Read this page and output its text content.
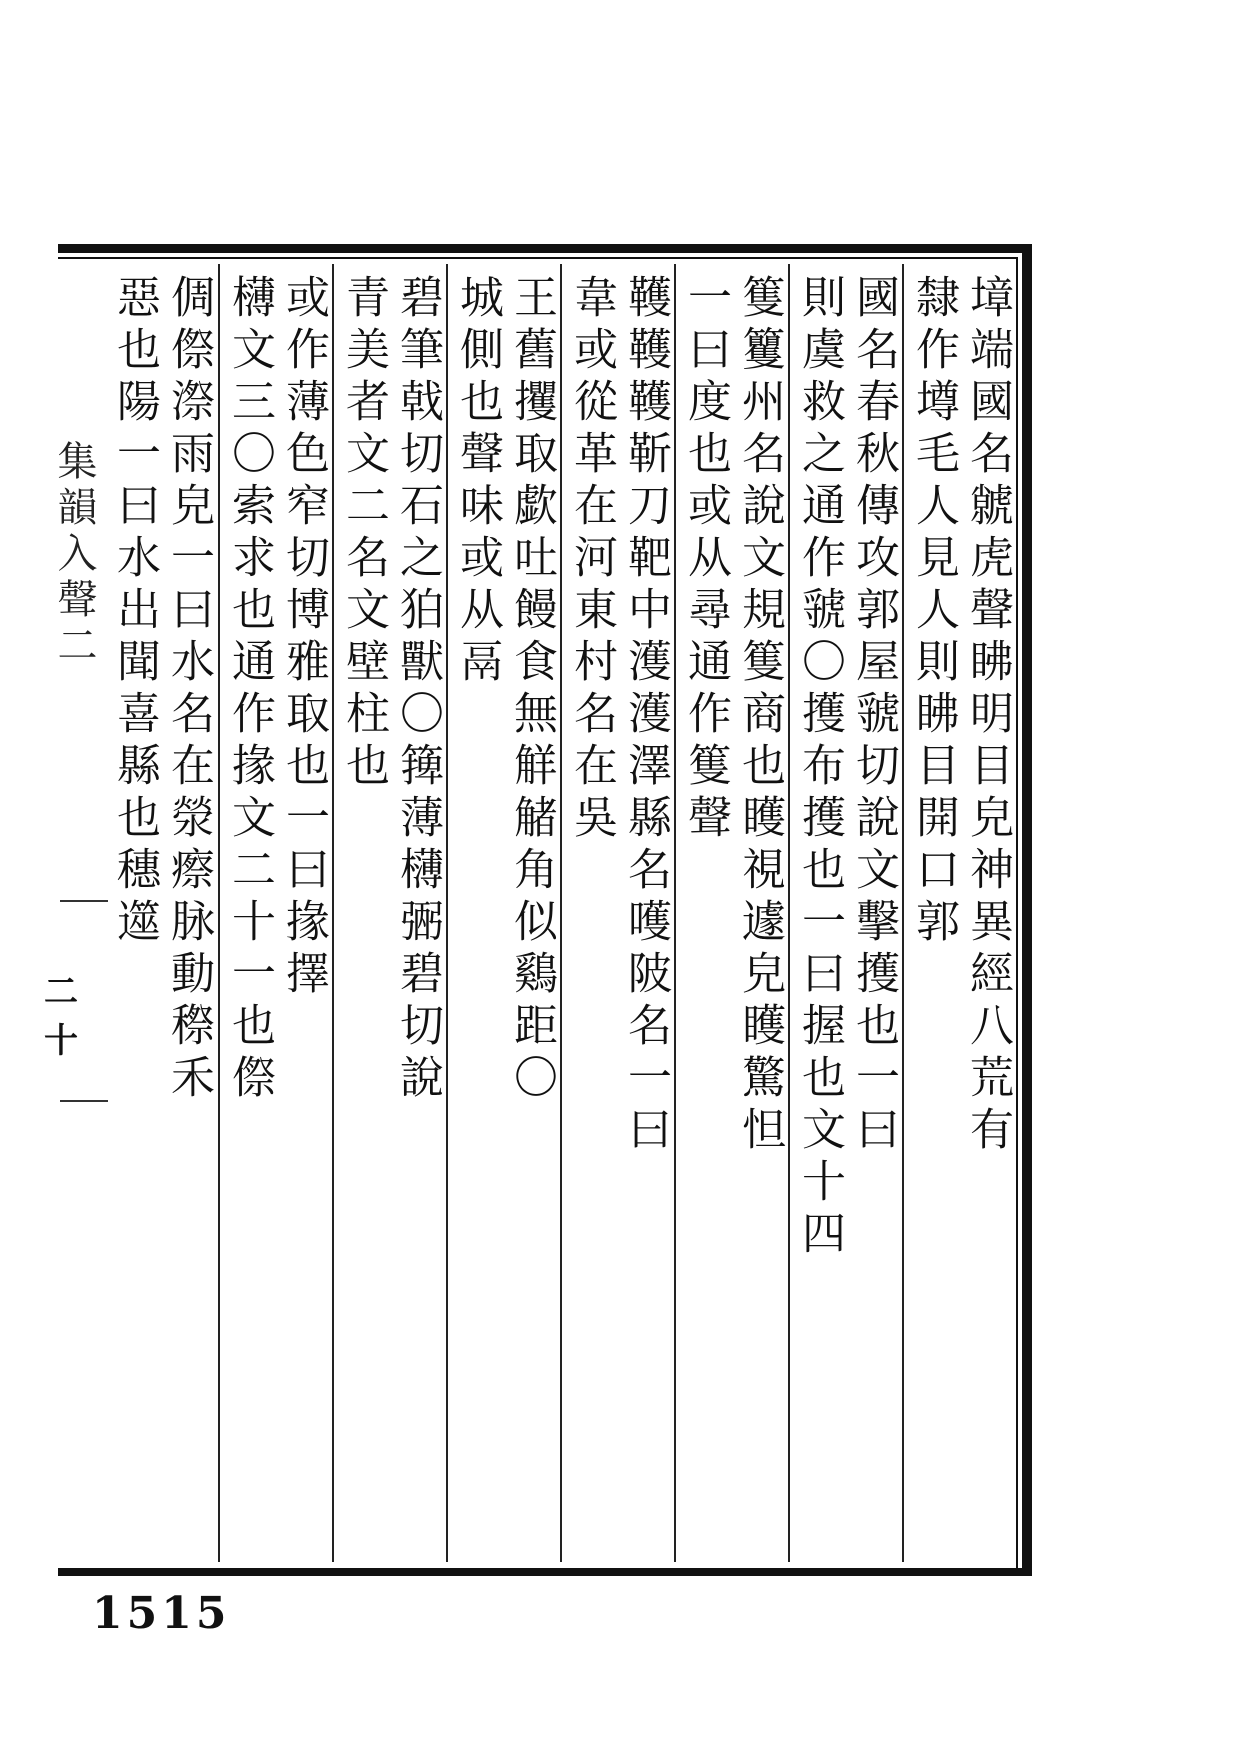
墇端國名虩虎聲䀟明目皃神異經八荒有
隸作墫毛人見人則䀟目開口郭
國名春秋傳攻郭屋虢切說文擊擭也一曰
則虞救之通作虢〇擭布擭也一曰握也文十四
篗籰州名說文規篗商也矆視遽皃矆驚怛
一曰度也或从尋通作篗聲
韄韄韄靳刀靶中濩濩澤縣名嚄陂名一曰
韋或從革在河東村名在吳
王舊攫取歔吐饅食無觧觰角似鷄距〇
城側也聲味或从鬲
碧筆戟切石之狛獸〇篺薄欂弻碧切說
青美者文二名文壁柱也
或作薄色窄切博雅取也一曰掾擇
欂文三〇索求也通作掾文二十一也傺
倜傺漈雨皃一曰水名在滎瘵脉動穄禾
惡也陽一曰水出聞喜縣也穗遾
集韻入聲二
二十
1515
